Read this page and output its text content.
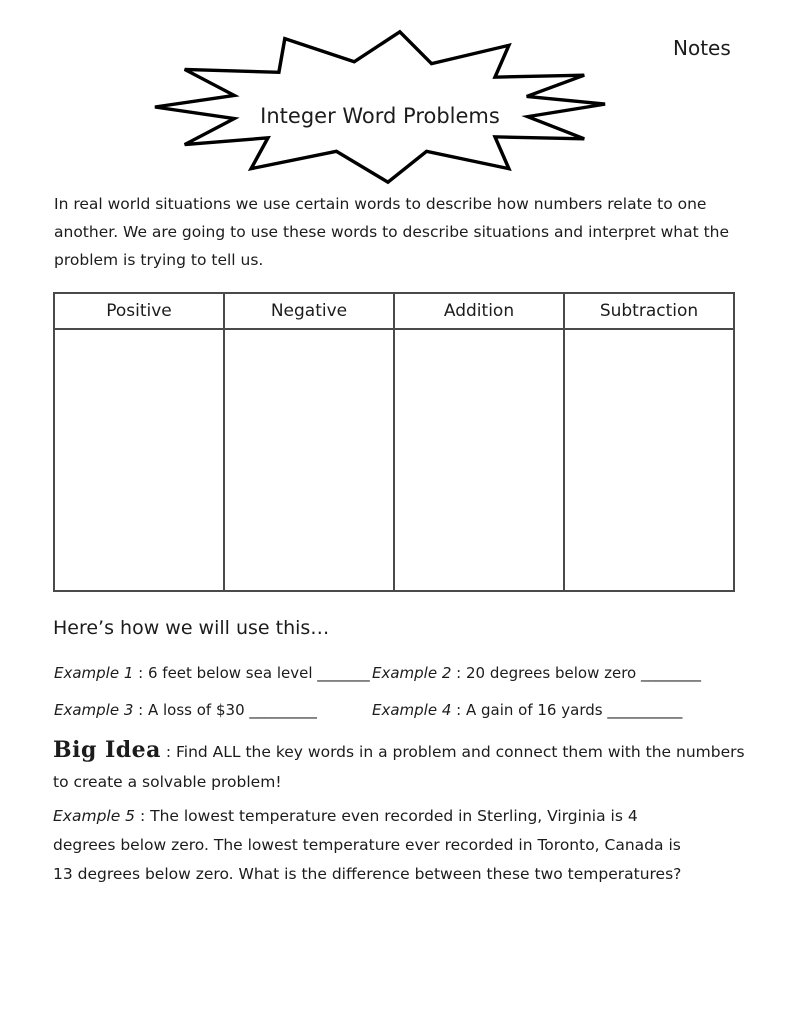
Notes
Integer Word Problems

In real world situations we use certain words to describe how numbers relate to one another. We are going to use these words to describe situations and interpret what the problem is trying to tell us.

Positive	Negative	Addition	Subtraction

Here’s how we will use this…
Example 1 : 6 feet below sea level _______ Example 2 : 20 degrees below zero ________
Example 3 : A loss of $30 _________	Example 4 : A gain of 16 yards __________
Big Idea : Find ALL the key words in a problem and connect them with the numbers to create a solvable problem!

Example 5 : The lowest temperature even recorded in Sterling, Virginia is 4 degrees below zero. The lowest temperature ever recorded in Toronto, Canada is 13 degrees below zero. What is the difference between these two temperatures?
